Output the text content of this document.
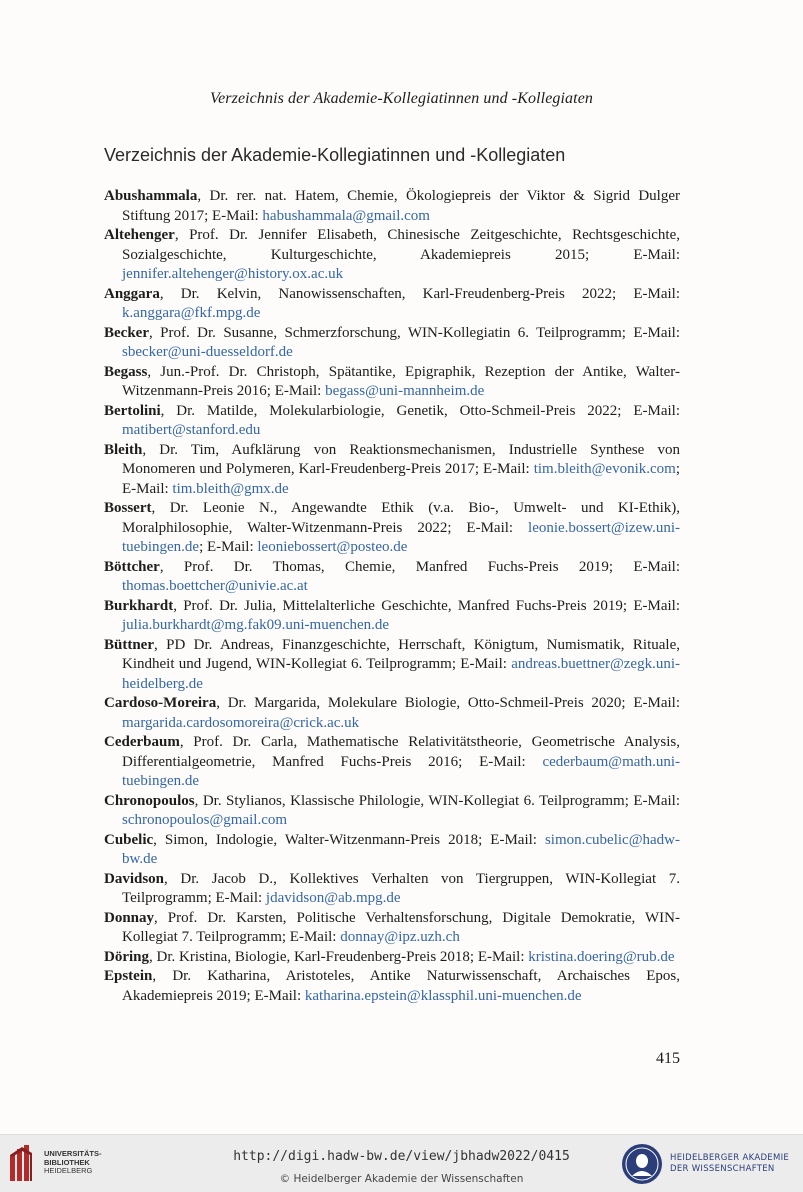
Verzeichnis der Akademie-Kollegiatinnen und -Kollegiaten
Verzeichnis der Akademie-Kollegiatinnen und -Kollegiaten
Abushammala, Dr. rer. nat. Hatem, Chemie, Ökologiepreis der Viktor & Sigrid Dulger Stiftung 2017; E-Mail: habushammala@gmail.com
Altehenger, Prof. Dr. Jennifer Elisabeth, Chinesische Zeitgeschichte, Rechtsgeschichte, Sozialgeschichte, Kulturgeschichte, Akademiepreis 2015; E-Mail: jennifer.altehenger@history.ox.ac.uk
Anggara, Dr. Kelvin, Nanowissenschaften, Karl-Freudenberg-Preis 2022; E-Mail: k.anggara@fkf.mpg.de
Becker, Prof. Dr. Susanne, Schmerzforschung, WIN-Kollegiatin 6. Teilprogramm; E-Mail: sbecker@uni-duesseldorf.de
Begass, Jun.-Prof. Dr. Christoph, Spätantike, Epigraphik, Rezeption der Antike, Walter-Witzenmann-Preis 2016; E-Mail: begass@uni-mannheim.de
Bertolini, Dr. Matilde, Molekularbiologie, Genetik, Otto-Schmeil-Preis 2022; E-Mail: matibert@stanford.edu
Bleith, Dr. Tim, Aufklärung von Reaktionsmechanismen, Industrielle Synthese von Monomeren und Polymeren, Karl-Freudenberg-Preis 2017; E-Mail: tim.bleith@evonik.com; E-Mail: tim.bleith@gmx.de
Bossert, Dr. Leonie N., Angewandte Ethik (v.a. Bio-, Umwelt- und KI-Ethik), Moralphilosophie, Walter-Witzenmann-Preis 2022; E-Mail: leonie.bossert@izew.uni-tuebingen.de; E-Mail: leoniebossert@posteo.de
Böttcher, Prof. Dr. Thomas, Chemie, Manfred Fuchs-Preis 2019; E-Mail: thomas.boettcher@univie.ac.at
Burkhardt, Prof. Dr. Julia, Mittelalterliche Geschichte, Manfred Fuchs-Preis 2019; E-Mail: julia.burkhardt@mg.fak09.uni-muenchen.de
Büttner, PD Dr. Andreas, Finanzgeschichte, Herrschaft, Königtum, Numismatik, Rituale, Kindheit und Jugend, WIN-Kollegiat 6. Teilprogramm; E-Mail: andreas.buettner@zegk.uni-heidelberg.de
Cardoso-Moreira, Dr. Margarida, Molekulare Biologie, Otto-Schmeil-Preis 2020; E-Mail: margarida.cardosomoreira@crick.ac.uk
Cederbaum, Prof. Dr. Carla, Mathematische Relativitätstheorie, Geometrische Analysis, Differentialgeometrie, Manfred Fuchs-Preis 2016; E-Mail: cederbaum@math.uni-tuebingen.de
Chronopoulos, Dr. Stylianos, Klassische Philologie, WIN-Kollegiat 6. Teilprogramm; E-Mail: schronopoulos@gmail.com
Cubelic, Simon, Indologie, Walter-Witzenmann-Preis 2018; E-Mail: simon.cubelic@hadw-bw.de
Davidson, Dr. Jacob D., Kollektives Verhalten von Tiergruppen, WIN-Kollegiat 7. Teilprogramm; E-Mail: jdavidson@ab.mpg.de
Donnay, Prof. Dr. Karsten, Politische Verhaltensforschung, Digitale Demokratie, WIN-Kollegiat 7. Teilprogramm; E-Mail: donnay@ipz.uzh.ch
Döring, Dr. Kristina, Biologie, Karl-Freudenberg-Preis 2018; E-Mail: kristina.doering@rub.de
Epstein, Dr. Katharina, Aristoteles, Antike Naturwissenschaft, Archaisches Epos, Akademiepreis 2019; E-Mail: katharina.epstein@klassphil.uni-muenchen.de
415
UNIVERSITÄTS-
BIBLIOTHEK
HEIDELBERG
http://digi.hadw-bw.de/view/jbhadw2022/0415
© Heidelberger Akademie der Wissenschaften
HEIDELBERGER AKADEMIE
DER WISSENSCHAFTEN
